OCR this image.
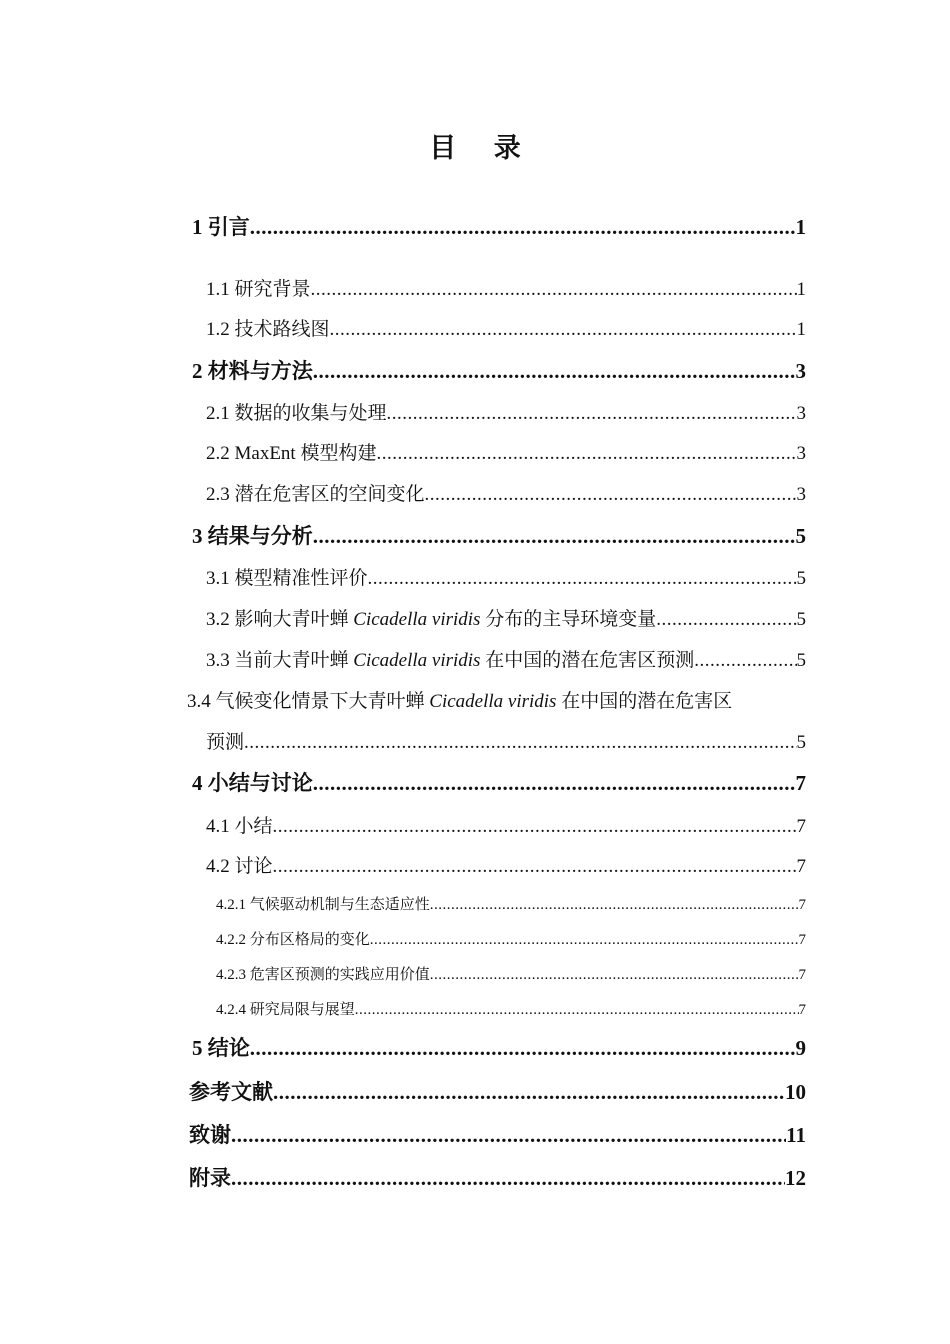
目 录
1 引言 .....	1
1.1 研究背景 .....	1
1.2 技术路线图 .....	1
2 材料与方法 .....	3
2.1 数据的收集与处理 .....	3
2.2 MaxEnt 模型构建 .....	3
2.3 潜在危害区的空间变化 .....	3
3 结果与分析 .....	5
3.1 模型精准性评价 .....	5
3.2 影响大青叶蝉 Cicadella viridis 分布的主导环境变量 .....	5
3.3 当前大青叶蝉 Cicadella viridis 在中国的潜在危害区预测 .....	5
3.4 气候变化情景下大青叶蝉 Cicadella viridis 在中国的潜在危害区
预测 .....	5
4 小结与讨论 .....	7
4.1 小结 .....	7
4.2 讨论 .....	7
4.2.1 气候驱动机制与生态适应性 .....	7
4.2.2 分布区格局的变化 .....	7
4.2.3 危害区预测的实践应用价值 .....	7
4.2.4 研究局限与展望 .....	7
5 结论 .....	9
参考文献 .....	10
致谢 .....	11
附录 .....	12
